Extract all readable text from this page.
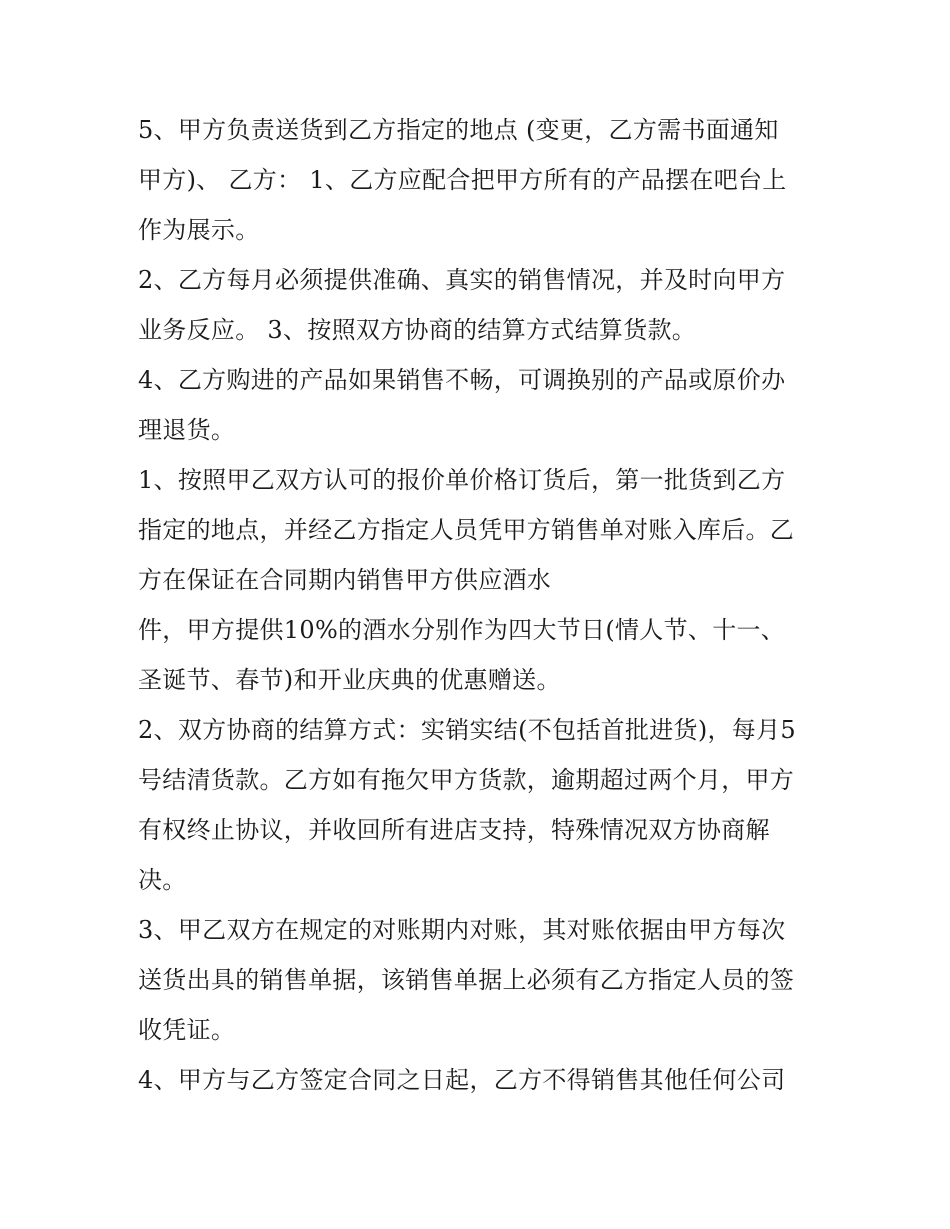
5、甲方负责送货到乙方指定的地点 (变更，乙方需书面通知
甲方)、 乙方： 1、乙方应配合把甲方所有的产品摆在吧台上
作为展示。
2、乙方每月必须提供准确、真实的销售情况，并及时向甲方
业务反应。 3、按照双方协商的结算方式结算货款。
4、乙方购进的产品如果销售不畅，可调换别的产品或原价办
理退货。
1、按照甲乙双方认可的报价单价格订货后，第一批货到乙方
指定的地点，并经乙方指定人员凭甲方销售单对账入库后。乙
方在保证在合同期内销售甲方供应酒水
件，甲方提供10%的酒水分别作为四大节日(情人节、十一、
圣诞节、春节)和开业庆典的优惠赠送。
2、双方协商的结算方式：实销实结(不包括首批进货)，每月5
号结清货款。乙方如有拖欠甲方货款，逾期超过两个月，甲方
有权终止协议，并收回所有进店支持，特殊情况双方协商解
决。
3、甲乙双方在规定的对账期内对账，其对账依据由甲方每次
送货出具的销售单据，该销售单据上必须有乙方指定人员的签
收凭证。
4、甲方与乙方签定合同之日起，乙方不得销售其他任何公司
